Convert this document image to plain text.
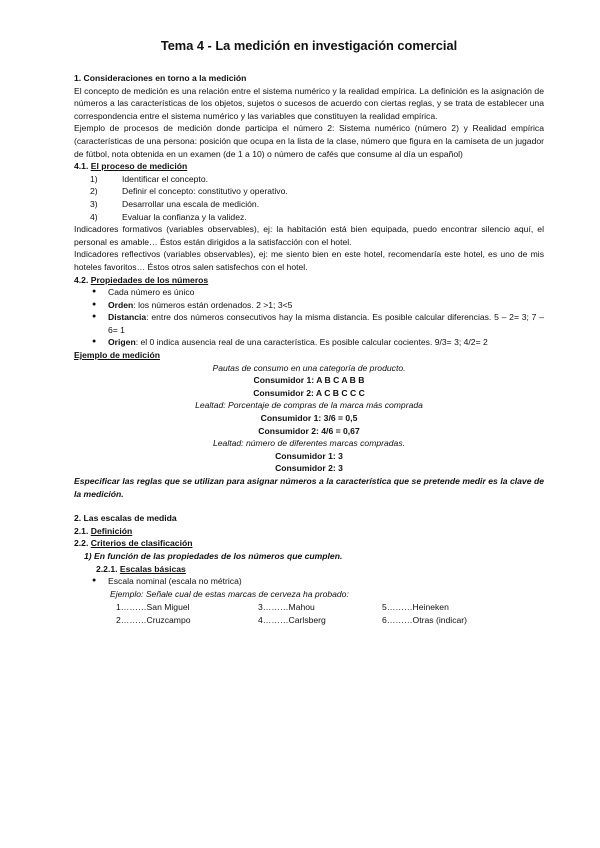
Tema 4 - La medición en investigación comercial

1. Consideraciones en torno a la medición

El concepto de medición es una relación entre el sistema numérico y la realidad empírica. La definición es la asignación de números a las características de los objetos, sujetos o sucesos de acuerdo con ciertas reglas, y se trata de establecer una correspondencia entre el sistema numérico y las variables que constituyen la realidad empírica.

Ejemplo de procesos de medición donde participa el número 2: Sistema numérico (número 2) y Realidad empírica (características de una persona: posición que ocupa en la lista de la clase, número que figura en la camiseta de un jugador de fútbol, nota obtenida en un examen (de 1 a 10) o número de cafés que consume al día un español)

4.1. El proceso de medición

1)	Identificar el concepto.
2)	Definir el concepto: constitutivo y operativo.
3)	Desarrollar una escala de medición.
4)	Evaluar la confianza y la validez.

Indicadores formativos (variables observables), ej: la habitación está bien equipada, puedo encontrar silencio aquí, el personal es amable… Éstos están dirigidos a la satisfacción con el hotel.

Indicadores reflectivos (variables observables), ej: me siento bien en este hotel, recomendaría este hotel, es uno de mis hoteles favoritos… Éstos otros salen satisfechos con el hotel.

4.2. Propiedades de los números

●	Cada número es único
●	Orden: los números están ordenados. 2 >1; 3<5
●	Distancia: entre dos números consecutivos hay la misma distancia. Es posible calcular diferencias. 5 – 2= 3; 7 – 6= 1
●	Origen: el 0 indica ausencia real de una característica. Es posible calcular cocientes. 9/3= 3; 4/2= 2

Ejemplo de medición

Pautas de consumo en una categoría de producto.

Consumidor 1: A B C A B B

Consumidor 2: A C B C C C

Lealtad: Porcentaje de compras de la marca más comprada

Consumidor 1: 3/6 = 0,5

Consumidor 2: 4/6 = 0,67

Lealtad: número de diferentes marcas compradas.

Consumidor 1: 3

Consumidor 2: 3

Especificar las reglas que se utilizan para asignar números a la característica que se pretende medir es la clave de la medición.

2. Las escalas de medida

2.1. Definición

2.2. Criterios de clasificación

1) En función de las propiedades de los números que cumplen.

2.2.1. Escalas básicas

●	Escala nominal (escala no métrica)

Ejemplo: Señale cual de estas marcas de cerveza ha probado:

1………San Miguel	3………Mahou	5………Heineken
2………Cruzcampo	4………Carlsberg	6………Otras (indicar)
